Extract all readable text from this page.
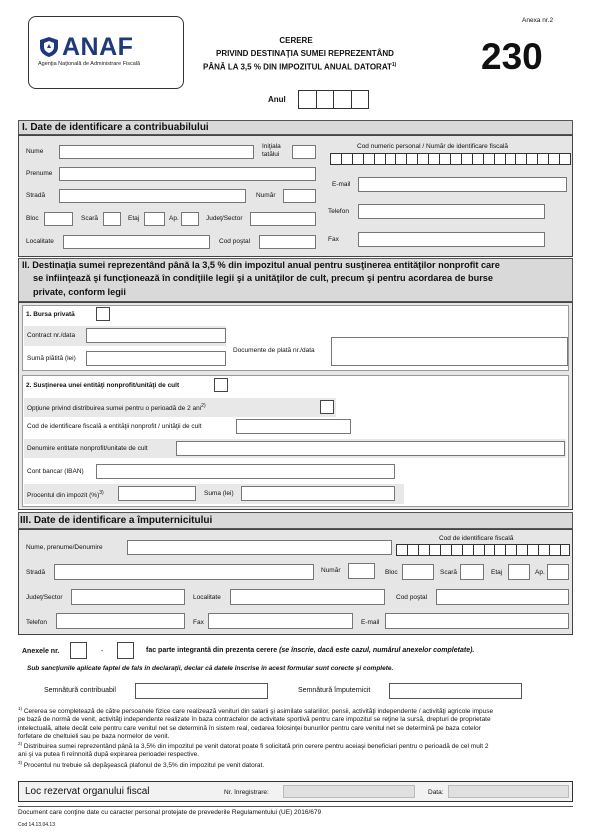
ANAF
Agenţia Naţională de Administrare Fiscală
Anexa nr.2
CERERE
PRIVIND DESTINAŢIA SUMEI REPREZENTÂND
PÂNĂ LA 3,5 % DIN IMPOZITUL ANUAL DATORAT$^{1)}$ 230
Anul
I. Date de identificare a contribuabilului
Nume
Iniţiala
tatălui
Cod numeric personal / Număr de identificare fiscală
Prenume
Stradă	Număr
E-mail
Bloc	Scară	Etaj	Ap.	Judeţ/Sector
Telefon
Localitate	Cod poştal	Fax
II. Destinaţia sumei reprezentând până la 3,5 % din impozitul anual pentru susţinerea entităţilor nonprofit care
se înfiinţează şi funcţionează în condiţiile legii şi a unităţilor de cult, precum şi pentru acordarea de burse
private, conform legii
1. Bursa privată
Contract nr./data
Sumă plătită (lei)
Documente de plată nr./data
2. Susţinerea unei entităţi nonprofit/unităţi de cult
Opţiune privind distribuirea sumei pentru o perioadă de 2 ani$^{2)}$
Cod de identificare fiscală a entităţii nonprofit / unităţii de cult
Denumire entitate nonprofit/unitate de cult
Cont bancar (IBAN)
Procentul din impozit (%)$^{3)}$	Suma (lei)
III. Date de identificare a împuternicitului
Nume, prenume/Denumire
Cod de identificare fiscală
Stradă	Număr	Bloc	Scară	Etaj	Ap.
Judeţ/Sector	Localitate	Cod poştal
Telefon	Fax	E-mail
Anexele nr.	-	fac parte integrantă din prezenta cerere (se înscrie, dacă este cazul, numărul anexelor completate).
Sub sancţiunile aplicate faptei de fals în declaraţii, declar că datele înscrise în acest formular sunt corecte şi complete.
Semnătură contribuabil	Semnătură împuternicit
$^{1)}$ Cererea se completează de către persoanele fizice care realizează venituri din salarii şi asimilate salariilor, pensii, activităţi independente / activităţi agricole impuse
pe bază de normă de venit, activităţi independente realizate în baza contractelor de activitate sportivă pentru care impozitul se reţine la sursă, drepturi de proprietate
intelectuală, altele decât cele pentru care venitul net se determină în sistem real, cedarea folosinţei bunurilor pentru care venitul net se determină pe baza cotelor
forfetare de cheltuieli sau pe baza normelor de venit.
$^{2)}$ Distribuirea sumei reprezentând până la 3,5% din impozitul pe venit datorat poate fi solicitată prin cerere pentru aceiaşi beneficiari pentru o perioadă de cel mult 2
ani şi va putea fi reînnoită după expirarea perioadei respective.
$^{3)}$ Procentul nu trebuie să depăşească plafonul de 3,5% din impozitul pe venit datorat.
Loc rezervat organului fiscal	Nr. înregistrare:	Data:
Document care conţine date cu caracter personal protejate de prevederile Regulamentului (UE) 2016/679
Cod 14.13.04.13
